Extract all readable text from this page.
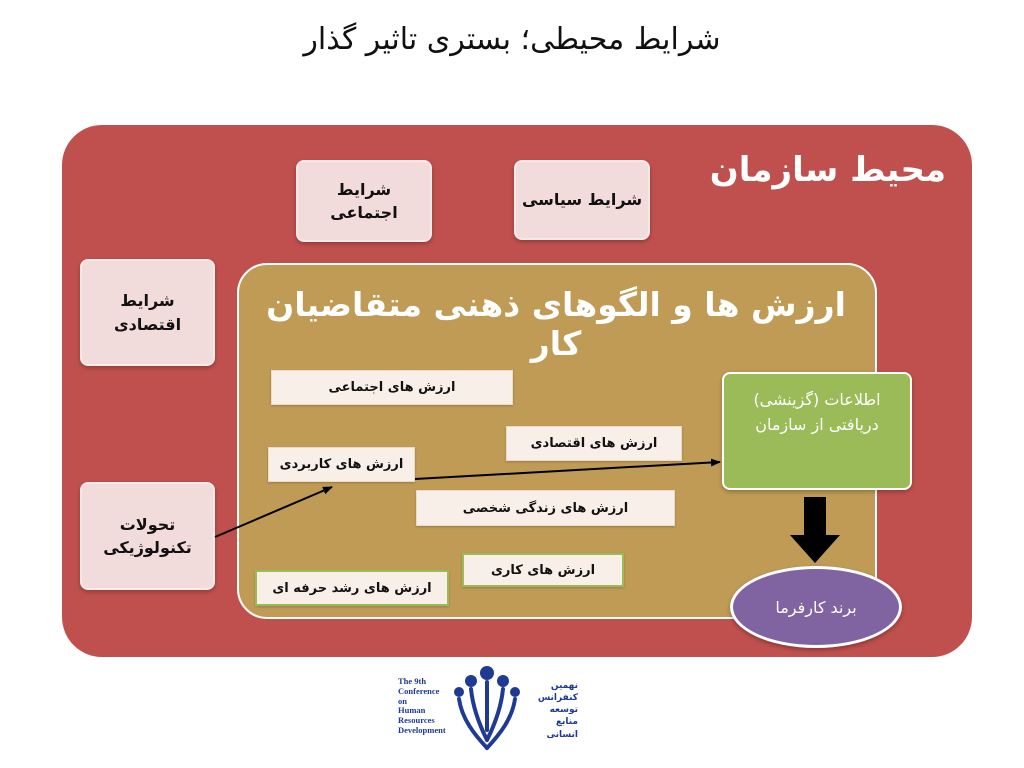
شرایط محیطی؛ بستری تاثیر گذار
محیط سازمان
شرایط
اجتماعی
شرایط سیاسی
شرایط
اقتصادی
تحولات
تکنولوژیکی
ارزش ها و الگوهای ذهنی متقاضیان کار
ارزش های اجتماعی
ارزش های اقتصادی
ارزش های کاربردی
ارزش های زندگی شخصی
ارزش های کاری
ارزش های رشد حرفه ای
اطلاعات (گزینشی)
دریافتی از سازمان
برند کارفرما
The 9th
Conference
on
Human
Resources
Development
نهمین
کنفرانس
توسعه
منابع انسانی
